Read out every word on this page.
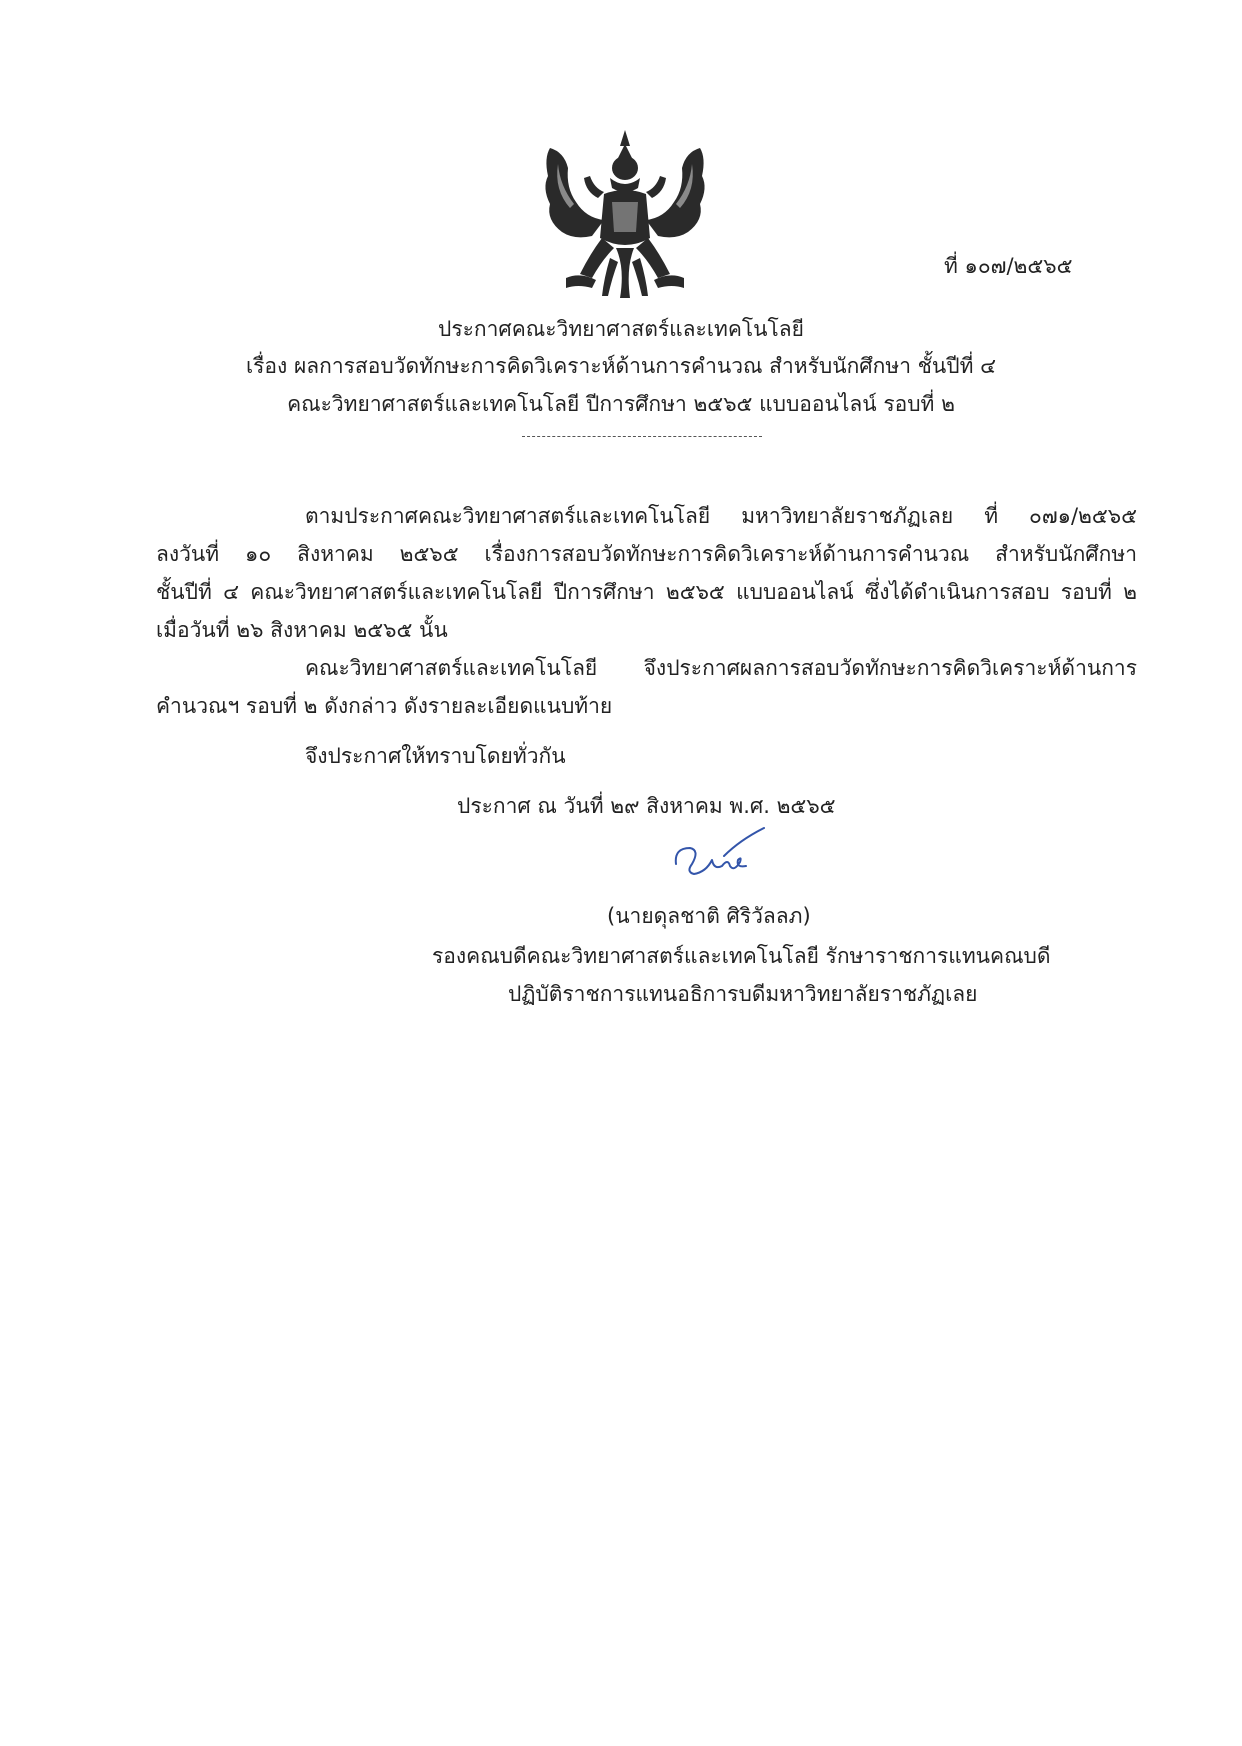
ที่ ๑๐๗/๒๕๖๕
ประกาศคณะวิทยาศาสตร์และเทคโนโลยี
เรื่อง ผลการสอบวัดทักษะการคิดวิเคราะห์ด้านการคำนวณ สำหรับนักศึกษา ชั้นปีที่ ๔
คณะวิทยาศาสตร์และเทคโนโลยี ปีการศึกษา ๒๕๖๕ แบบออนไลน์ รอบที่ ๒
ตามประกาศคณะวิทยาศาสตร์และเทคโนโลยี มหาวิทยาลัยราชภัฏเลย ที่ ๐๗๑/๒๕๖๕
ลงวันที่ ๑๐ สิงหาคม ๒๕๖๕ เรื่องการสอบวัดทักษะการคิดวิเคราะห์ด้านการคำนวณ สำหรับนักศึกษา
ชั้นปีที่ ๔ คณะวิทยาศาสตร์และเทคโนโลยี ปีการศึกษา ๒๕๖๕ แบบออนไลน์ ซึ่งได้ดำเนินการสอบ รอบที่ ๒
เมื่อวันที่ ๒๖ สิงหาคม ๒๕๖๕ นั้น
คณะวิทยาศาสตร์และเทคโนโลยี จึงประกาศผลการสอบวัดทักษะการคิดวิเคราะห์ด้านการ
คำนวณฯ รอบที่ ๒ ดังกล่าว ดังรายละเอียดแนบท้าย
จึงประกาศให้ทราบโดยทั่วกัน
ประกาศ ณ วันที่ ๒๙ สิงหาคม พ.ศ. ๒๕๖๕
(นายดุลชาติ ศิริวัลลภ)
รองคณบดีคณะวิทยาศาสตร์และเทคโนโลยี รักษาราชการแทนคณบดี
ปฏิบัติราชการแทนอธิการบดีมหาวิทยาลัยราชภัฏเลย
